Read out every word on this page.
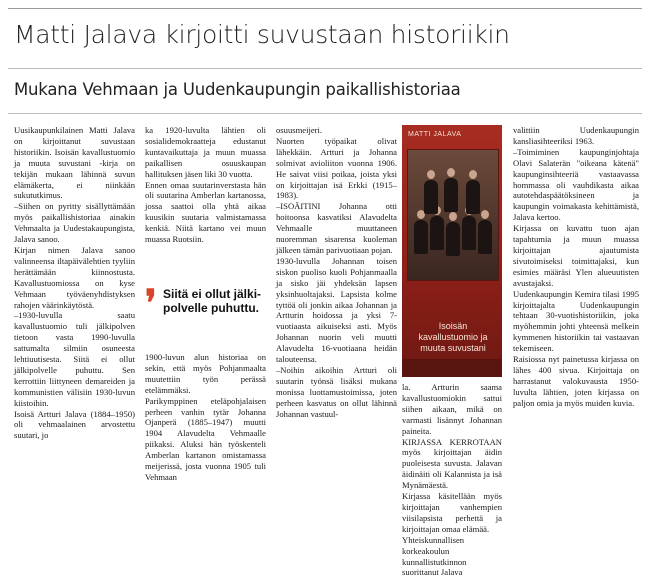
Matti Jalava kirjoitti suvustaan historiikin
Mukana Vehmaan ja Uudenkaupungin paikallishistoriaa

Uusikaupunkilainen Matti Jalava on kirjoittanut suvustaan historiikin. Isoisän kavallustuomio ja muuta suvustani -kirja on tekijän mukaan lähinnä suvun elämäkerta, ei niinkään sukututkimus.

–Siihen on pyritty sisällyttämään myös paikallishistoriaa ainakin Vehmaalta ja Uudestakaupungista, Jalava sanoo.

Kirjan nimen Jalava sanoo valinneensa iltapäivälehtien tyyliin herättämään kiinnostusta. Kavallustuomiossa on kyse Vehmaan työväenyhdistyksen rahojen väärinkäytöstä.

–1930-luvulla saatu kavallustuomio tuli jälkipolven tietoon vasta 1990-luvulla sattumalta silmiin osuneesta lehtiuutisesta. Siitä ei ollut jälkipolvelle puhuttu. Sen kerrottiin liittyneen demareiden ja kommunistien välisiin 1930-luvun kiistoihin.

Isoisä Artturi Jalava (1884–1950) oli vehmaalainen arvostettu suutari, jo

ka 1920-luvulta lähtien oli sosialidemokraatteja edustanut kuntavaikuttaja ja muun muassa paikallisen osuuskaupan hallituksen jäsen liki 30 vuotta.

Ennen omaa suutarinverstasta hän oli suutarina Amberlan kartanossa, jossa saattoi olla yhtä aikaa kuusikin suutaria valmistamassa kenkiä. Niitä kartano vei muun muassa Ruotsiin.

❜ Siitä ei ollut jälki-polvelle puhuttu.

1900-luvun alun historiaa on sekin, että myös Pohjanmaalta muutettiin työn perässä etelämmäksi.

Parikymppinen eteläpohjalaisen perheen vanhin tytär Johanna Ojanperä (1885–1947) muutti 1904 Alavudelta Vehmaalle piikaksi. Aluksi hän työskenteli Amberlan kartanon omistamassa meijerissä, josta vuonna 1905 tuli Vehmaan

osuusmeijeri.

Nuorten työpaikat olivat lähekkäin. Artturi ja Johanna solmivat avioliiton vuonna 1906. He saivat viisi poikaa, joista yksi on kirjoittajan isä Erkki (1915–1983).

–ISOÄITINI Johanna otti hoitoonsa kasvatiksi Alavudelta Vehmaalle muuttaneen nuoremman sisarensa kuoleman jälkeen tämän parivuotiaan pojan.

1930-luvulla Johannan toisen siskon puoliso kuoli Pohjanmaalla ja sisko jäi yhdeksän lapsen yksinhuoltajaksi. Lapsista kolme tyttöä oli jonkin aikaa Johannan ja Artturin hoidossa ja yksi 7-vuotiaasta aikuiseksi asti. Myös Johannan nuorin veli muutti Alavudelta 16-vuotiaana heidän talouteensa.

–Noihin aikoihin Artturi oli suutarin työnsä lisäksi mukana monissa luottamustoimissa, joten perheen kasvatus on ollut lähinnä Johannan vastuul-

MATTI JALAVA
Isoisän kavallustuomio ja muuta suvustani

la. Artturin saama kavallustuomiokin sattui siihen aikaan, mikä on varmasti lisännyt Johannan paineita.

KIRJASSA KERROTAAN myös kirjoittajan äidin puoleisesta suvusta. Jalavan äidinäiti oli Kalannista ja isä Mynämäestä.

Kirjassa käsitellään myös kirjoittajan vanhempien viisilapsista perhettä ja kirjoittajan omaa elämää.

Yhteiskunnallisen korkeakoulun kunnallistutkinnon suorittanut Jalava

valittiin Uudenkaupungin kansliasihteeriksi 1963.

–Toimiminen kaupunginjohtaja Olavi Salaterän "oikeana kätenä" kaupunginsihteeriä vastaavassa hommassa oli vauhdikasta aikaa autotehdaspäätöksineen ja kaupungin voimakasta kehittämistä, Jalava kertoo.

Kirjassa on kuvattu tuon ajan tapahtumia ja muun muassa kirjoittajan ajautumista sivutoimiseksi toimittajaksi, kun esimies määräsi Ylen alueuutisten avustajaksi.

Uudenkaupungin Kemira tilasi 1995 kirjoittajalta Uudenkaupungin tehtaan 30-vuotishistoriikin, joka myöhemmin johti yhteensä melkein kymmenen historiikin tai vastaavan tekemiseen.

Raisiossa nyt painetussa kirjassa on lähes 400 sivua. Kirjoittaja on harrastanut valokuvausta 1950-luvulta lähtien, joten kirjassa on paljon omia ja myös muiden kuvia.
